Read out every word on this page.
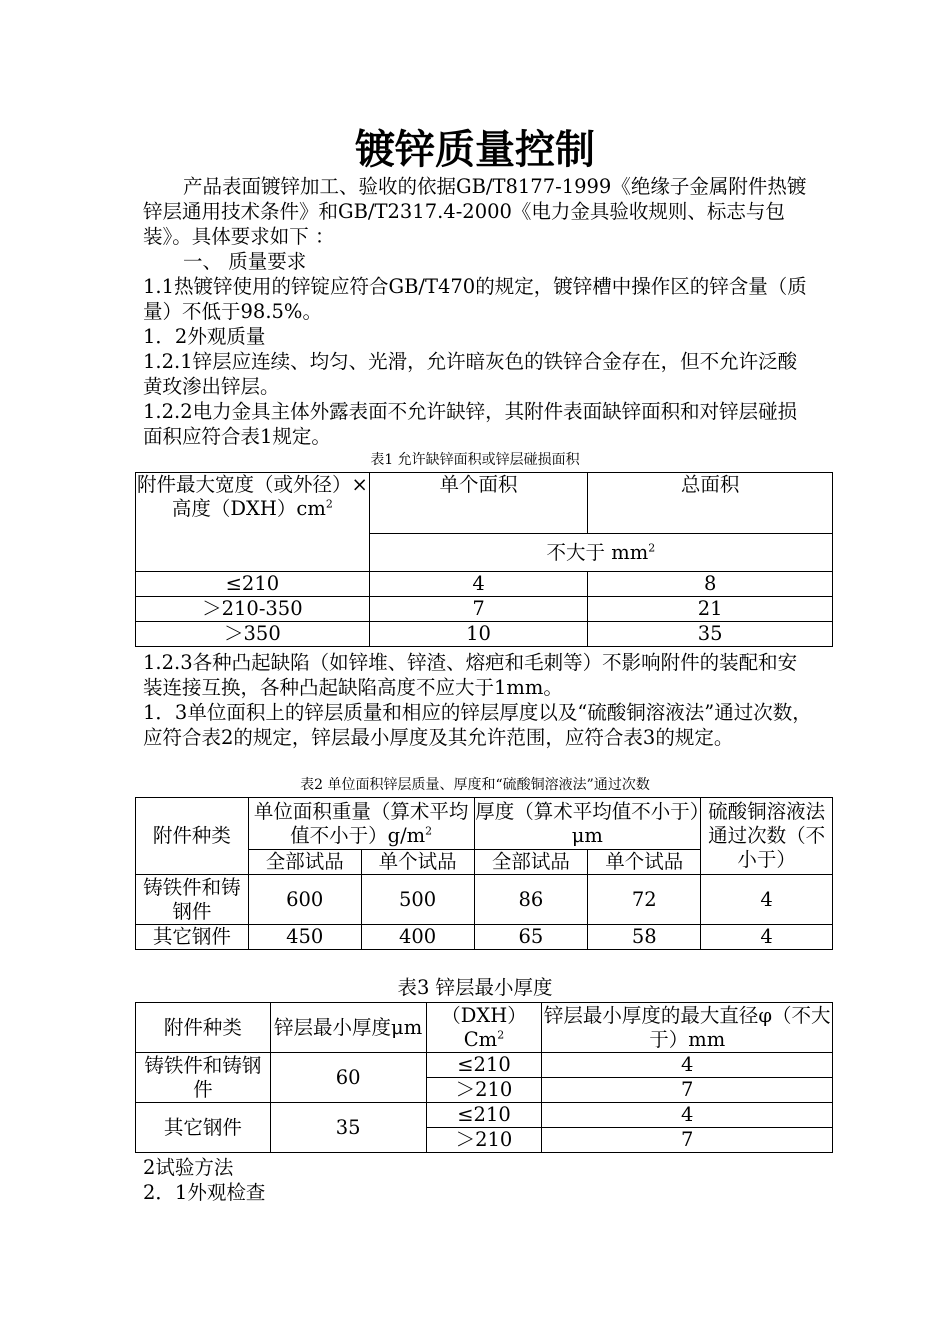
镀锌质量控制

产品表面镀锌加工、验收的依据GB/T8177-1999《绝缘子金属附件热镀锌层通用技术条件》和GB/T2317.4-2000《电力金具验收规则、标志与包装》。具体要求如下 ：

一、 质量要求

1.1热镀锌使用的锌锭应符合GB/T470的规定，镀锌槽中操作区的锌含量（质量）不低于98.5%。

1．2外观质量

1.2.1锌层应连续、均匀、光滑，允许暗灰色的铁锌合金存在，但不允许泛酸黄玫渗出锌层。

1.2.2电力金具主体外露表面不允许缺锌，其附件表面缺锌面积和对锌层碰损面积应符合表1规定。

表1 允许缺锌面积或锌层碰损面积
附件最大宽度（或外径）×高度$(DXH)cm^2$	单个面积	总面积
	不大于 $mm^2$
≤210	4	8
＞210-350	7	21
＞350	10	35

1.2.3各种凸起缺陷（如锌堆、锌渣、熔疤和毛刺等）不影响附件的装配和安装连接互换，各种凸起缺陷高度不应大于1mm。

1．3单位面积上的锌层质量和相应的锌层厚度以及“硫酸铜溶液法”通过次数，应符合表2的规定，锌层最小厚度及其允许范围，应符合表3的规定。

表2 单位面积锌层质量、厚度和“硫酸铜溶液法”通过次数
附件种类	单位面积重量（算术平均值不小于）$g/m^2$		厚度（算术平均值不小于）μm		硫酸铜溶液法通过次数（不小于）
	全部试品	单个试品	全部试品	单个试品	
铸铁件和铸钢件	600	500	86	72	4
其它钢件	450	400	65	58	4
表3 锌层最小厚度
附件种类	锌层最小厚度μm	（DXH）Cm$^2$	锌层最小厚度的最大直径φ（不大于）mm
铸铁件和铸钢件	60	≤210	4
		＞210	7
其它钢件	35	≤210	4
		＞210	7

2试验方法

2．1外观检查
